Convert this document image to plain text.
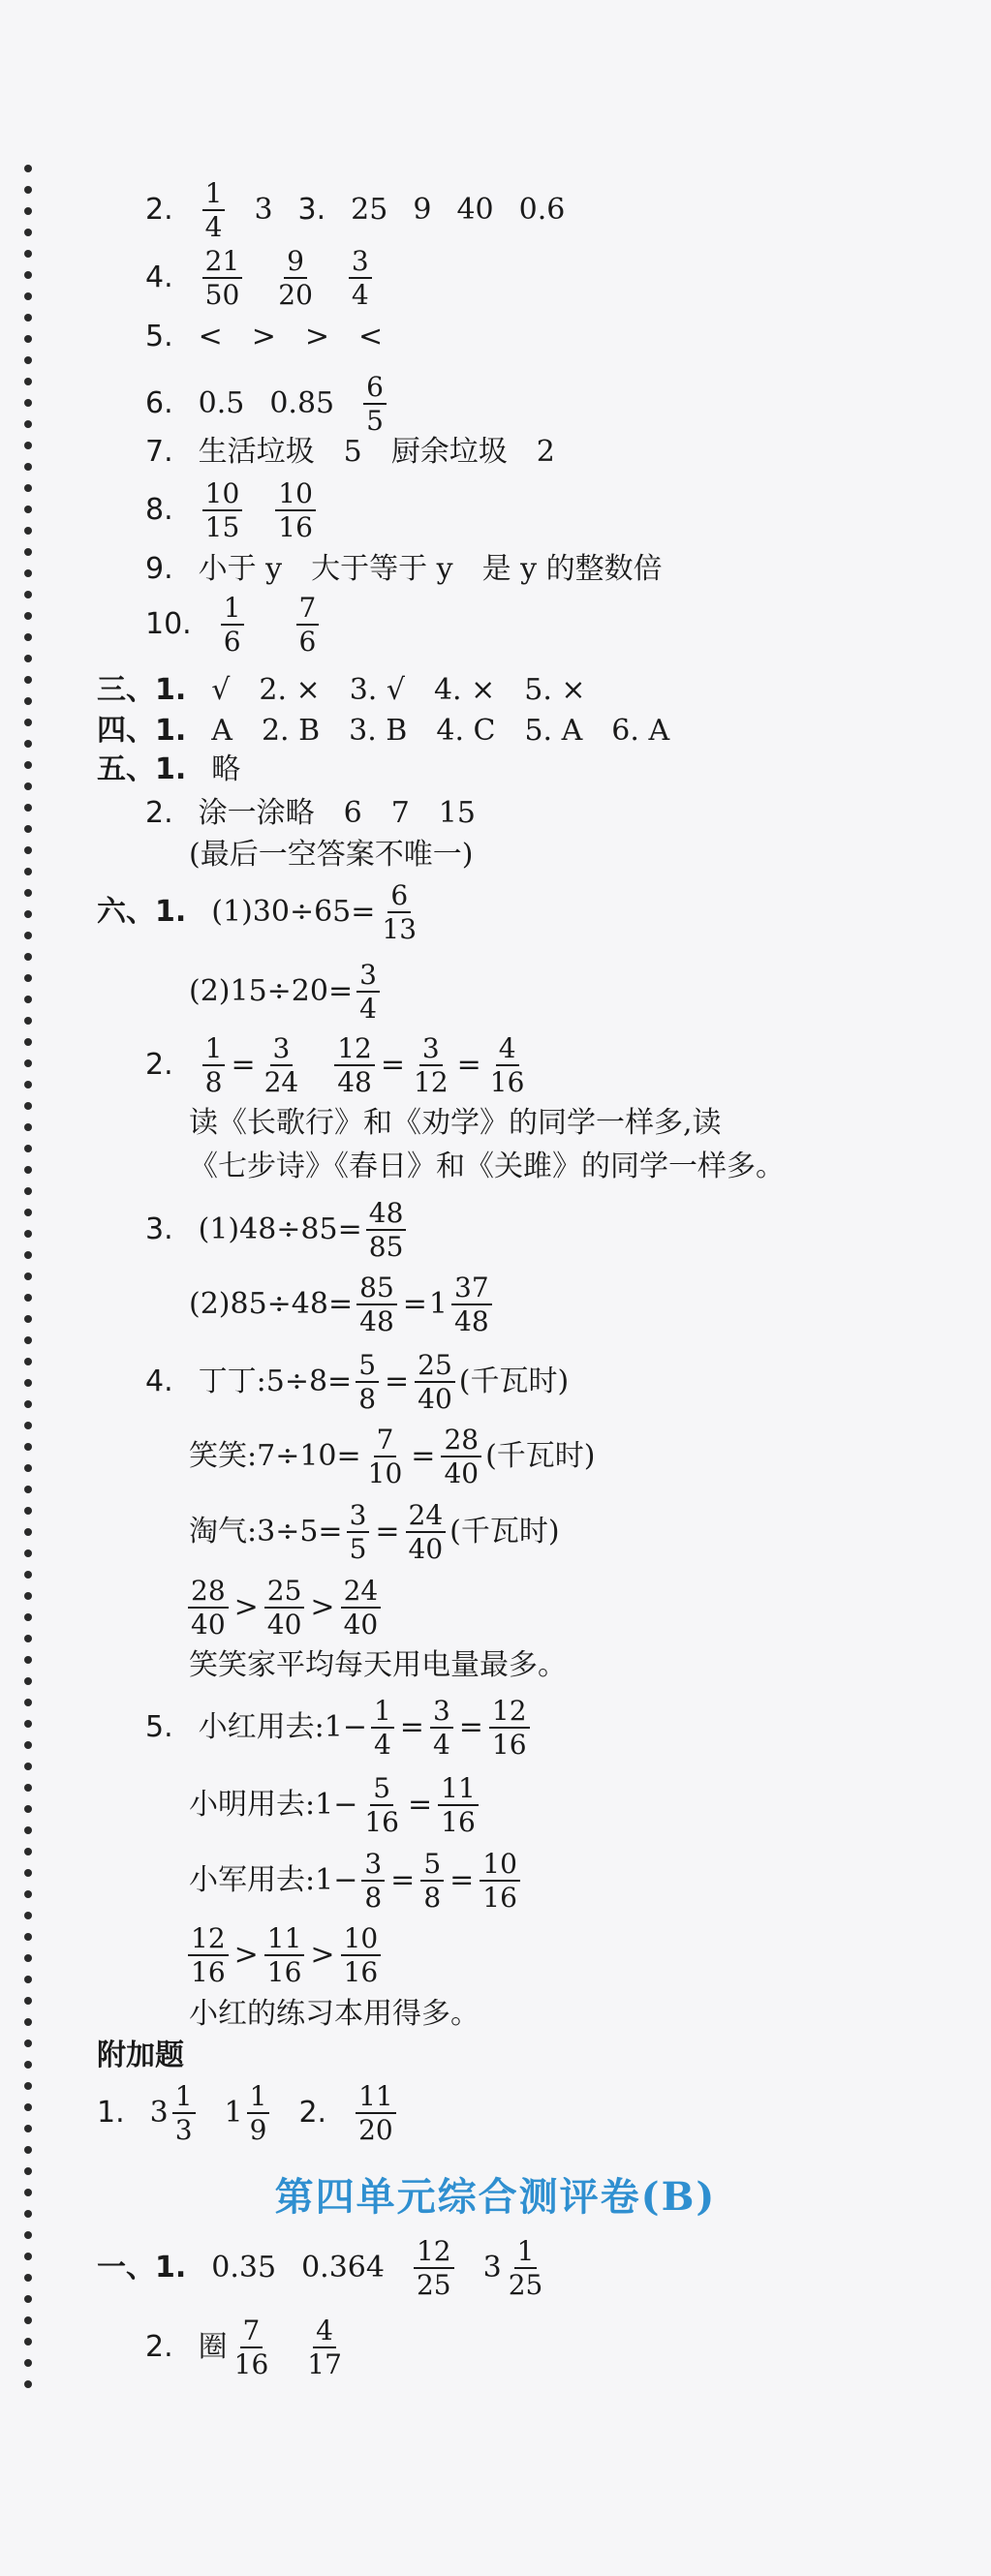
2. $\frac{1}{4} 3$ 3. 25 9 40 0.6
4. $\frac{21}{50} \frac{9}{20} \frac{3}{4}$
5. <　>　>　<
6. 0.5 $0.85 \frac{6}{5}$
7. 生活垃圾　5　厨余垃圾　2
8. $\frac{10}{15} \frac{10}{16}$
9. 小于 y　大于等于 y　是 y 的整数倍
10. $\frac{1}{6} \frac{7}{6}$
三、1. √　2. ×　3. √　4. ×　5. ×
四、1. A　2. B　3. B　4. C　5. A　6. A
五、1. 略
2. 涂一涂略　6　7　15
(最后一空答案不唯一)
六、1. $(1)30\div 65= \frac{6}{13}$
$(2)15\div 20= \frac{3}{4}$
2. $\frac{1}{8} = \frac{3}{24} \frac{12}{48} = \frac{3}{12} = \frac{4}{16}$
读《长歌行》和《劝学》的同学一样多,读
《七步诗》《春日》和《关雎》的同学一样多。
3. $(1)48\div 85= \frac{48}{85}$
$(2)85\div 48= \frac{85}{48} = 1 \frac{37}{48}$
4. 丁丁:5÷8= $\frac{5}{8} = \frac{25}{40}$ (千瓦时)
笑笑:7÷10= $\frac{7}{10} = \frac{28}{40}$ (千瓦时)
淘气:3÷5= $\frac{3}{5} = \frac{24}{40}$ (千瓦时)
$\frac{28}{40} > \frac{25}{40} > \frac{24}{40}$
笑笑家平均每天用电量最多。
5. 小红用去:1− $\frac{1}{4} = \frac{3}{4} = \frac{12}{16}$
小明用去:1− $\frac{5}{16} = \frac{11}{16}$
小军用去:1− $\frac{3}{8} = \frac{5}{8} = \frac{10}{16}$
$\frac{12}{16} > \frac{11}{16} > \frac{10}{16}$
小红的练习本用得多。
附加题
1. $3 \frac{1}{3} 1 \frac{1}{9} 2$. $\frac{11}{20}$
第四单元综合测评卷(B)
一、1. 0.35 $0.364 \frac{12}{25} 3 \frac{1}{25}$
2. 圈 $\frac{7}{16} \frac{4}{17}$
